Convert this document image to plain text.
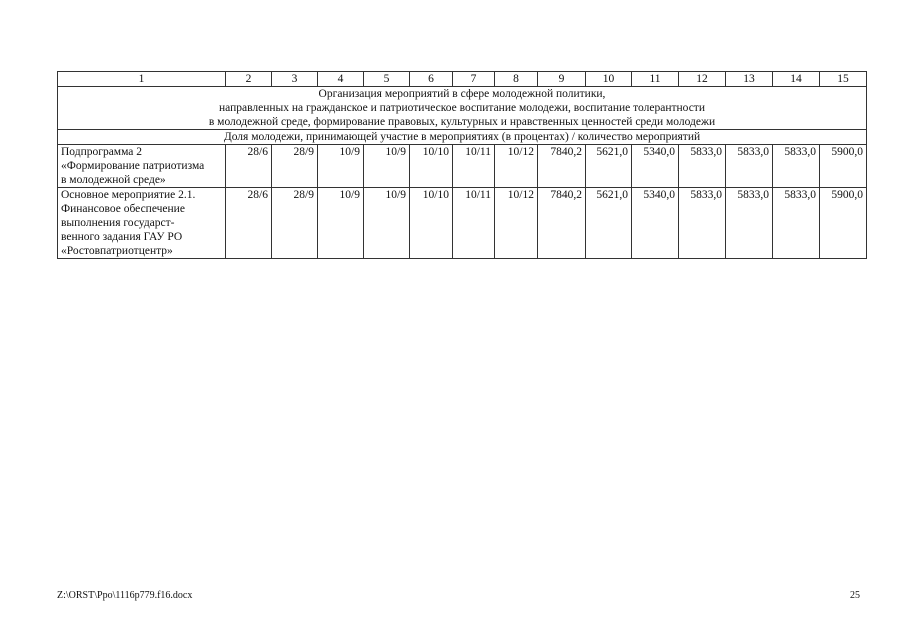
1	2	3	4	5	6	7	8	9	10	11	12	13	14	15

Организация мероприятий в сфере молодежной политики,
направленных на гражданское и патриотическое воспитание молодежи, воспитание толерантности
в молодежной среде, формирование правовых, культурных и нравственных ценностей среди молодежи														

Доля молодежи, принимающей участие в мероприятиях (в процентах) / количество мероприятий														

Подпрограмма 2
«Формирование патриотизма
в молодежной среде»	28/6	28/9	10/9	10/9	10/10	10/11	10/12	7840,2	5621,0	5340,0	5833,0	5833,0	5833,0	5900,0

Основное мероприятие 2.1.
Финансовое обеспечение
выполнения государст-
венного задания ГАУ РО
«Ростовпатриотцентр»	28/6	28/9	10/9	10/9	10/10	10/11	10/12	7840,2	5621,0	5340,0	5833,0	5833,0	5833,0	5900,0
Z:\ORST\Ppo\1116p779.f16.docx	25
